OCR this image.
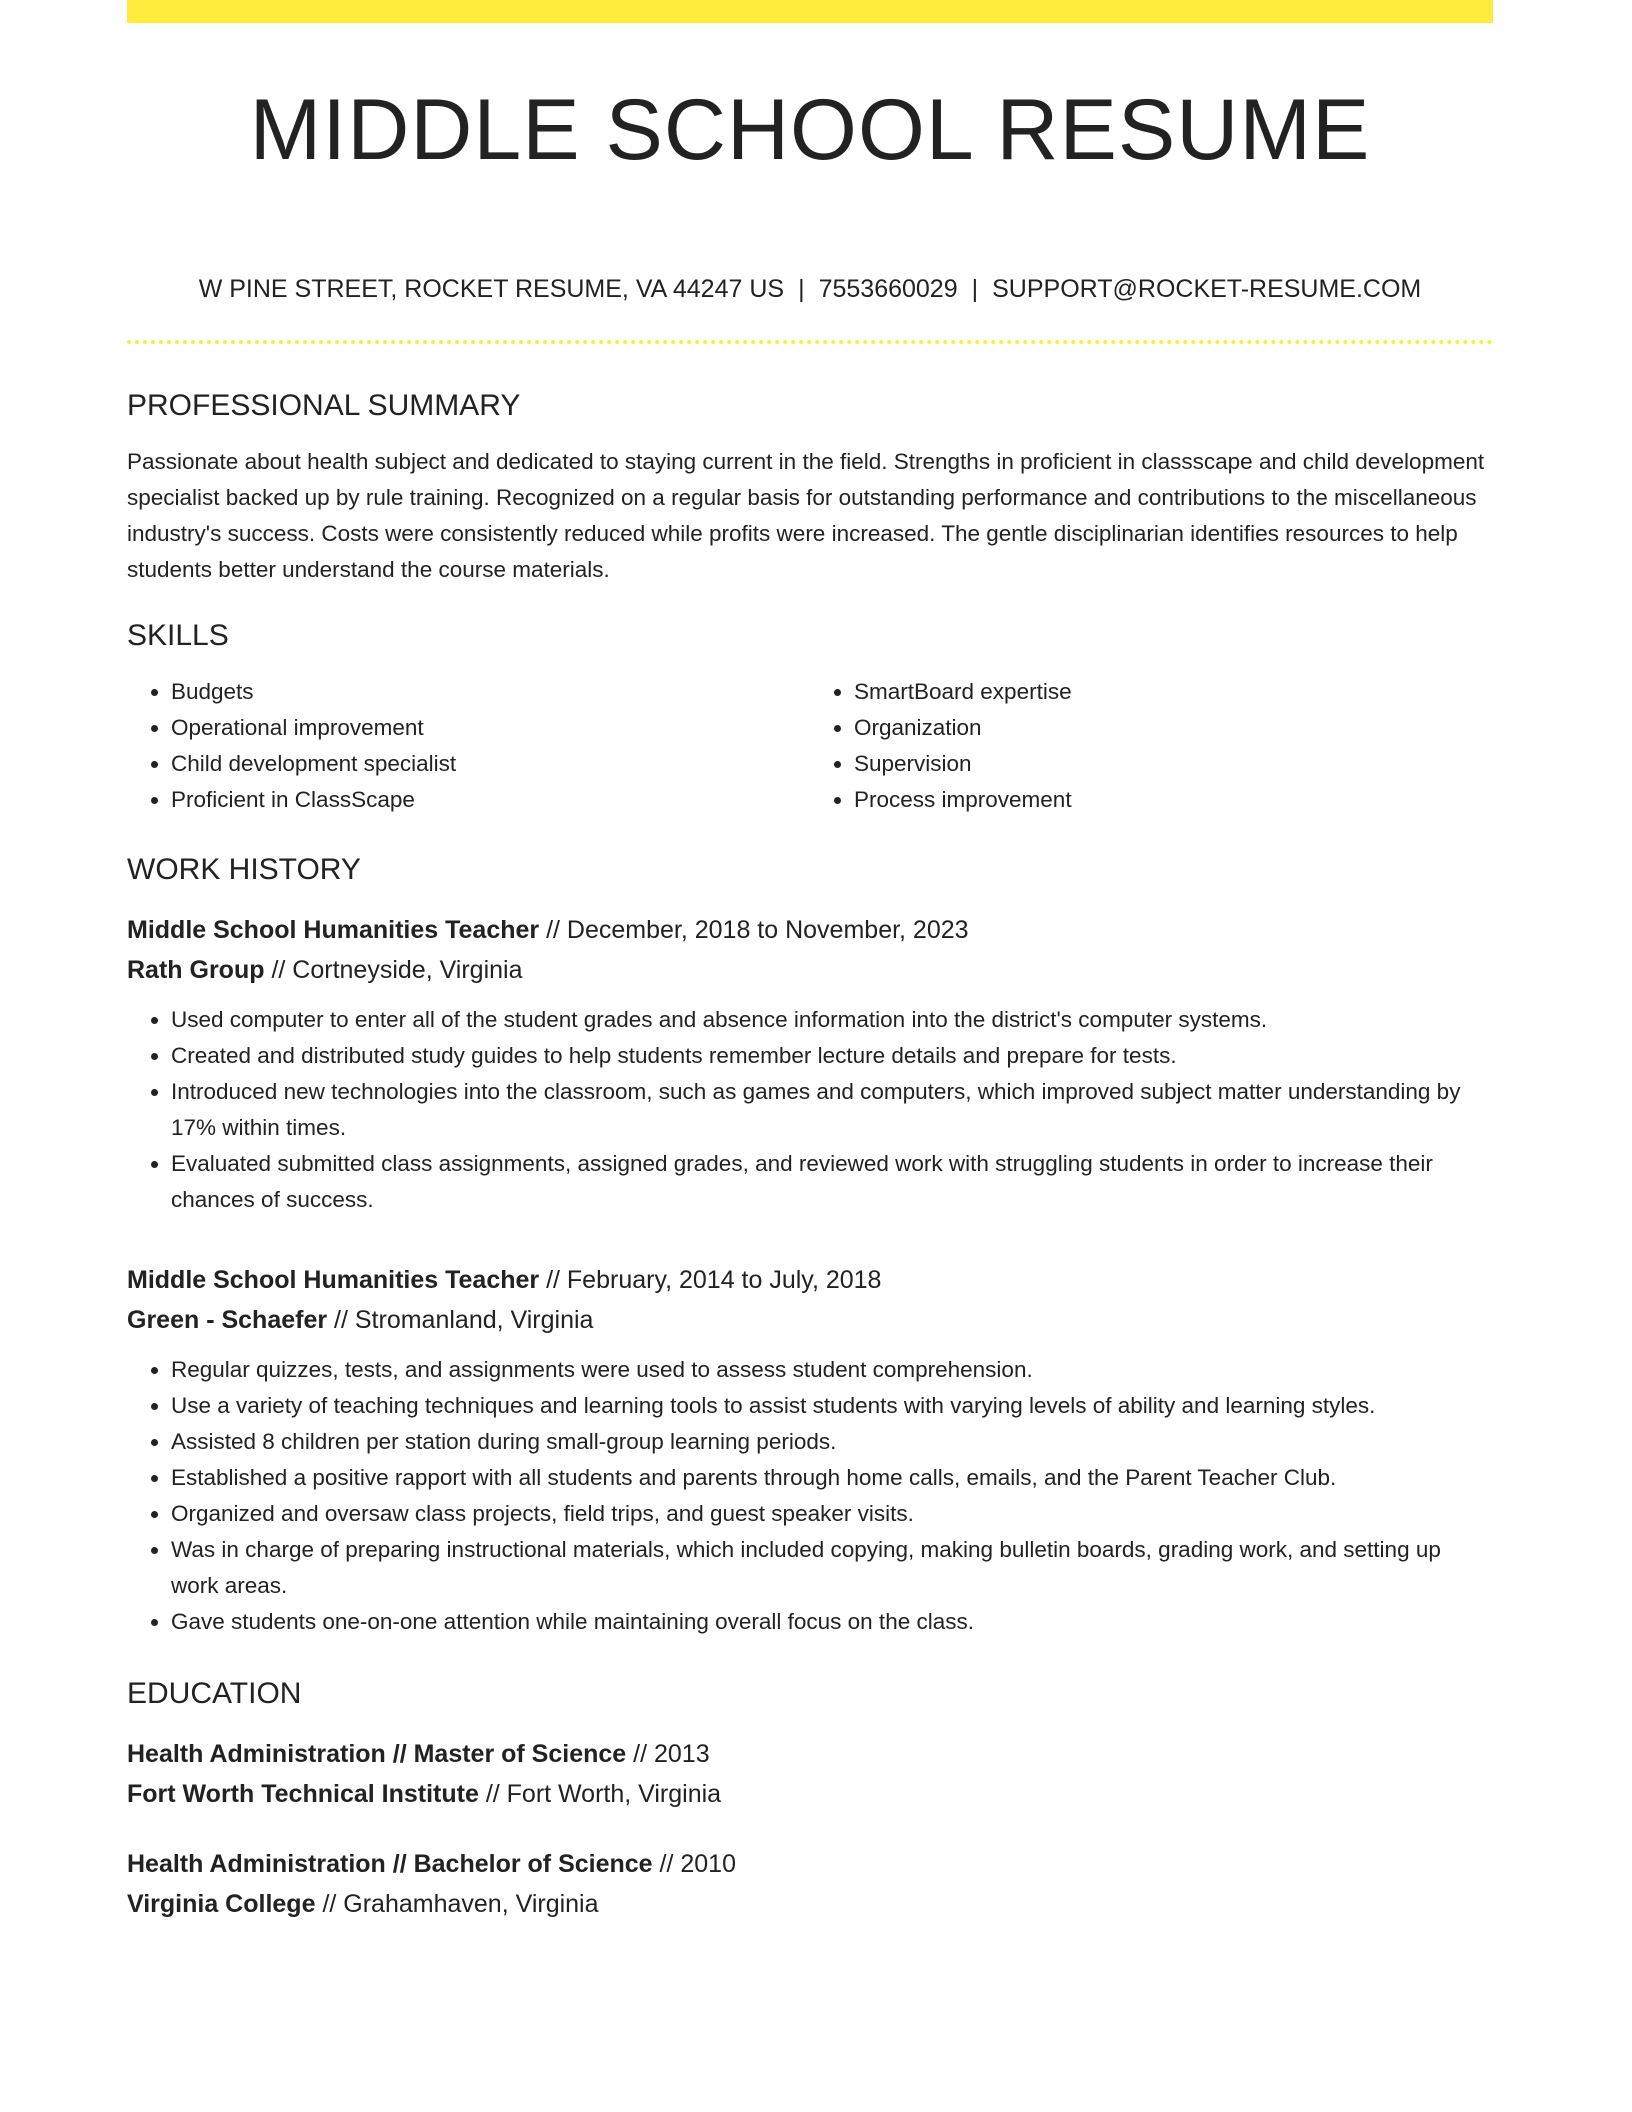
MIDDLE SCHOOL RESUME
W PINE STREET, ROCKET RESUME, VA 44247 US | 7553660029 | SUPPORT@ROCKET-RESUME.COM
PROFESSIONAL SUMMARY
Passionate about health subject and dedicated to staying current in the field. Strengths in proficient in classscape and child development specialist backed up by rule training. Recognized on a regular basis for outstanding performance and contributions to the miscellaneous industry's success. Costs were consistently reduced while profits were increased. The gentle disciplinarian identifies resources to help students better understand the course materials.
SKILLS
• Budgets
• Operational improvement
• Child development specialist
• Proficient in ClassScape
• SmartBoard expertise
• Organization
• Supervision
• Process improvement
WORK HISTORY
Middle School Humanities Teacher // December, 2018 to November, 2023
Rath Group // Cortneyside, Virginia
• Used computer to enter all of the student grades and absence information into the district's computer systems.
• Created and distributed study guides to help students remember lecture details and prepare for tests.
• Introduced new technologies into the classroom, such as games and computers, which improved subject matter understanding by 17% within times.
• Evaluated submitted class assignments, assigned grades, and reviewed work with struggling students in order to increase their chances of success.
Middle School Humanities Teacher // February, 2014 to July, 2018
Green - Schaefer // Stromanland, Virginia
• Regular quizzes, tests, and assignments were used to assess student comprehension.
• Use a variety of teaching techniques and learning tools to assist students with varying levels of ability and learning styles.
• Assisted 8 children per station during small-group learning periods.
• Established a positive rapport with all students and parents through home calls, emails, and the Parent Teacher Club.
• Organized and oversaw class projects, field trips, and guest speaker visits.
• Was in charge of preparing instructional materials, which included copying, making bulletin boards, grading work, and setting up work areas.
• Gave students one-on-one attention while maintaining overall focus on the class.
EDUCATION
Health Administration // Master of Science // 2013
Fort Worth Technical Institute // Fort Worth, Virginia
Health Administration // Bachelor of Science // 2010
Virginia College // Grahamhaven, Virginia
